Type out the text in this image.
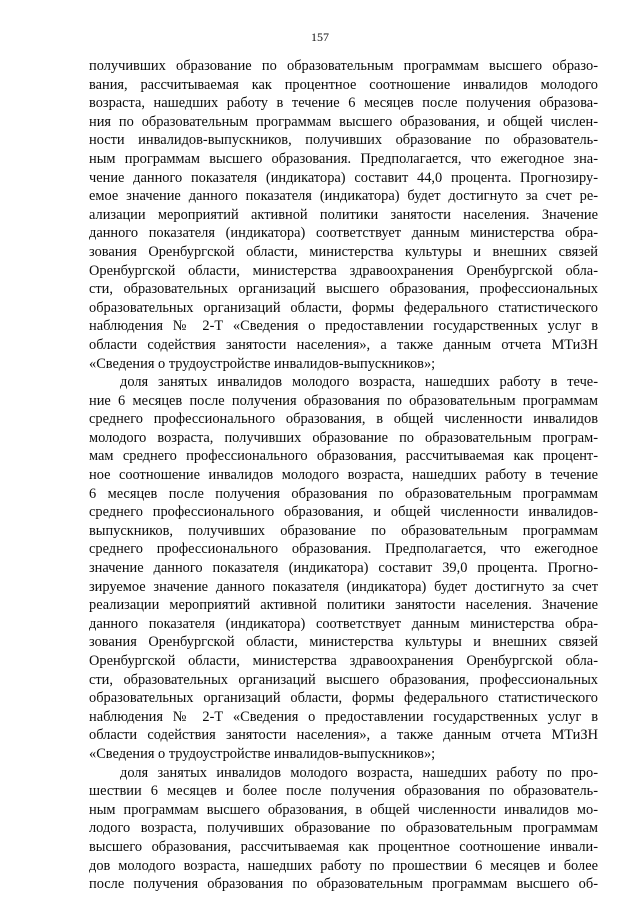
157
получивших образование по образовательным программам высшего образо-
вания, рассчитываемая как процентное соотношение инвалидов молодого
возраста, нашедших работу в течение 6 месяцев после получения образова-
ния по образовательным программам высшего образования, и общей числен-
ности инвалидов-выпускников, получивших образование по образователь-
ным программам высшего образования. Предполагается, что ежегодное зна-
чение данного показателя (индикатора) составит 44,0 процента. Прогнозиру-
емое значение данного показателя (индикатора) будет достигнуто за счет ре-
ализации мероприятий активной политики занятости населения. Значение
данного показателя (индикатора) соответствует данным министерства обра-
зования Оренбургской области, министерства культуры и внешних связей
Оренбургской области, министерства здравоохранения Оренбургской обла-
сти, образовательных организаций высшего образования, профессиональных
образовательных организаций области, формы федерального статистического
наблюдения № 2-Т «Сведения о предоставлении государственных услуг в
области содействия занятости населения», а также данным отчета МТиЗН
«Сведения о трудоустройстве инвалидов-выпускников»;
доля занятых инвалидов молодого возраста, нашедших работу в тече-
ние 6 месяцев после получения образования по образовательным программам
среднего профессионального образования, в общей численности инвалидов
молодого возраста, получивших образование по образовательным програм-
мам среднего профессионального образования, рассчитываемая как процент-
ное соотношение инвалидов молодого возраста, нашедших работу в течение
6 месяцев после получения образования по образовательным программам
среднего профессионального образования, и общей численности инвалидов-
выпускников, получивших образование по образовательным программам
среднего профессионального образования. Предполагается, что ежегодное
значение данного показателя (индикатора) составит 39,0 процента. Прогно-
зируемое значение данного показателя (индикатора) будет достигнуто за счет
реализации мероприятий активной политики занятости населения. Значение
данного показателя (индикатора) соответствует данным министерства обра-
зования Оренбургской области, министерства культуры и внешних связей
Оренбургской области, министерства здравоохранения Оренбургской обла-
сти, образовательных организаций высшего образования, профессиональных
образовательных организаций области, формы федерального статистического
наблюдения № 2-Т «Сведения о предоставлении государственных услуг в
области содействия занятости населения», а также данным отчета МТиЗН
«Сведения о трудоустройстве инвалидов-выпускников»;
доля занятых инвалидов молодого возраста, нашедших работу по про-
шествии 6 месяцев и более после получения образования по образователь-
ным программам высшего образования, в общей численности инвалидов мо-
лодого возраста, получивших образование по образовательным программам
высшего образования, рассчитываемая как процентное соотношение инвали-
дов молодого возраста, нашедших работу по прошествии 6 месяцев и более
после получения образования по образовательным программам высшего об-
